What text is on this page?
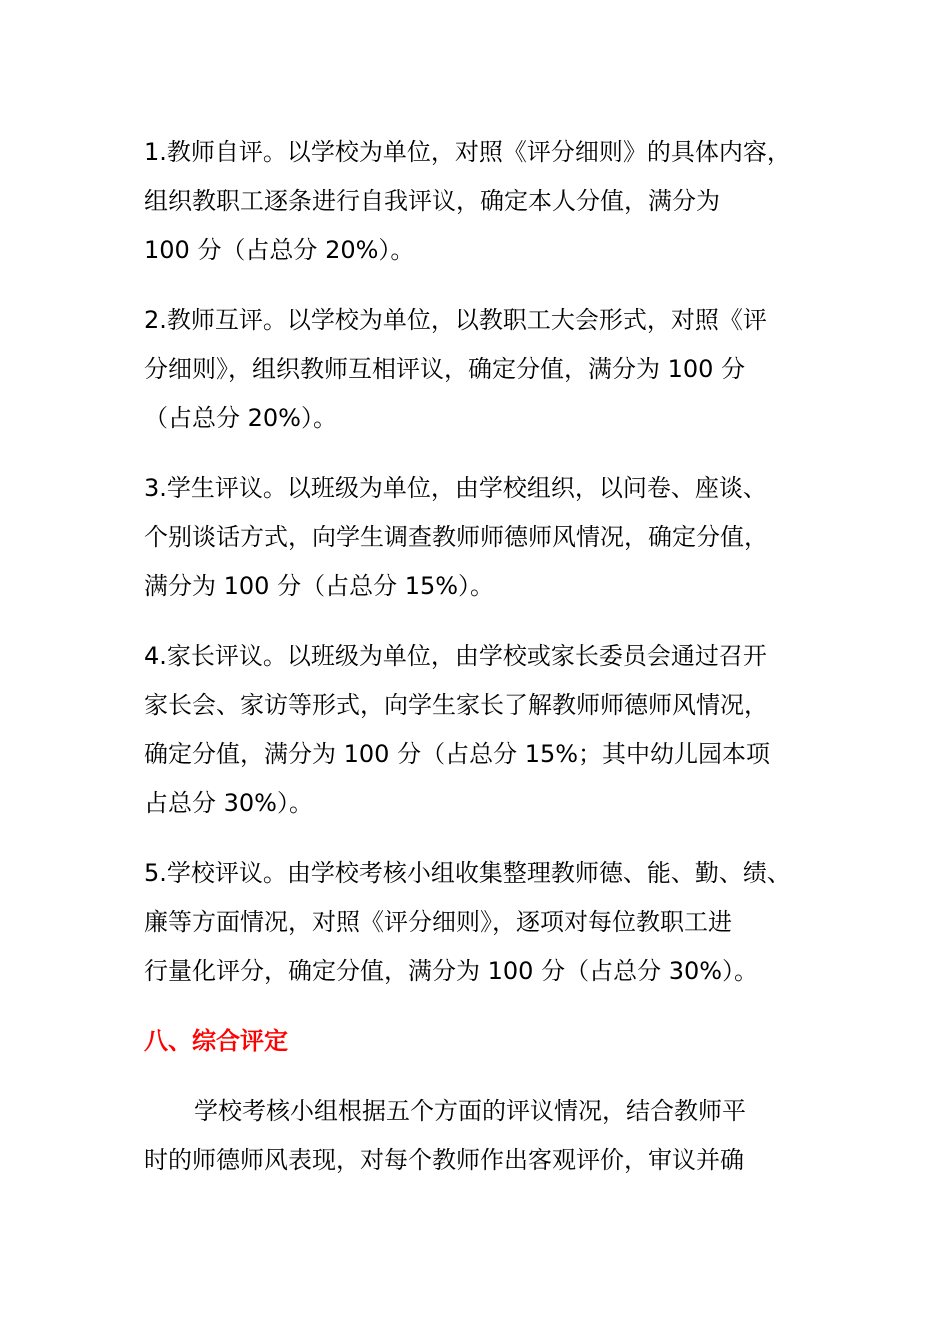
1.教师自评。以学校为单位，对照《评分细则》的具体内容，
组织教职工逐条进行自我评议，确定本人分值，满分为
100 分（占总分 20%）。
2.教师互评。以学校为单位，以教职工大会形式，对照《评
分细则》，组织教师互相评议，确定分值，满分为 100 分
（占总分 20%）。
3.学生评议。以班级为单位，由学校组织，以问卷、座谈、
个别谈话方式，向学生调查教师师德师风情况，确定分值，
满分为 100 分（占总分 15%）。
4.家长评议。以班级为单位，由学校或家长委员会通过召开
家长会、家访等形式，向学生家长了解教师师德师风情况，
确定分值，满分为 100 分（占总分 15%；其中幼儿园本项
占总分 30%）。
5.学校评议。由学校考核小组收集整理教师德、能、勤、绩、
廉等方面情况，对照《评分细则》，逐项对每位教职工进
行量化评分，确定分值，满分为 100 分（占总分 30%）。
八、综合评定
学校考核小组根据五个方面的评议情况，结合教师平
时的师德师风表现，对每个教师作出客观评价，审议并确
